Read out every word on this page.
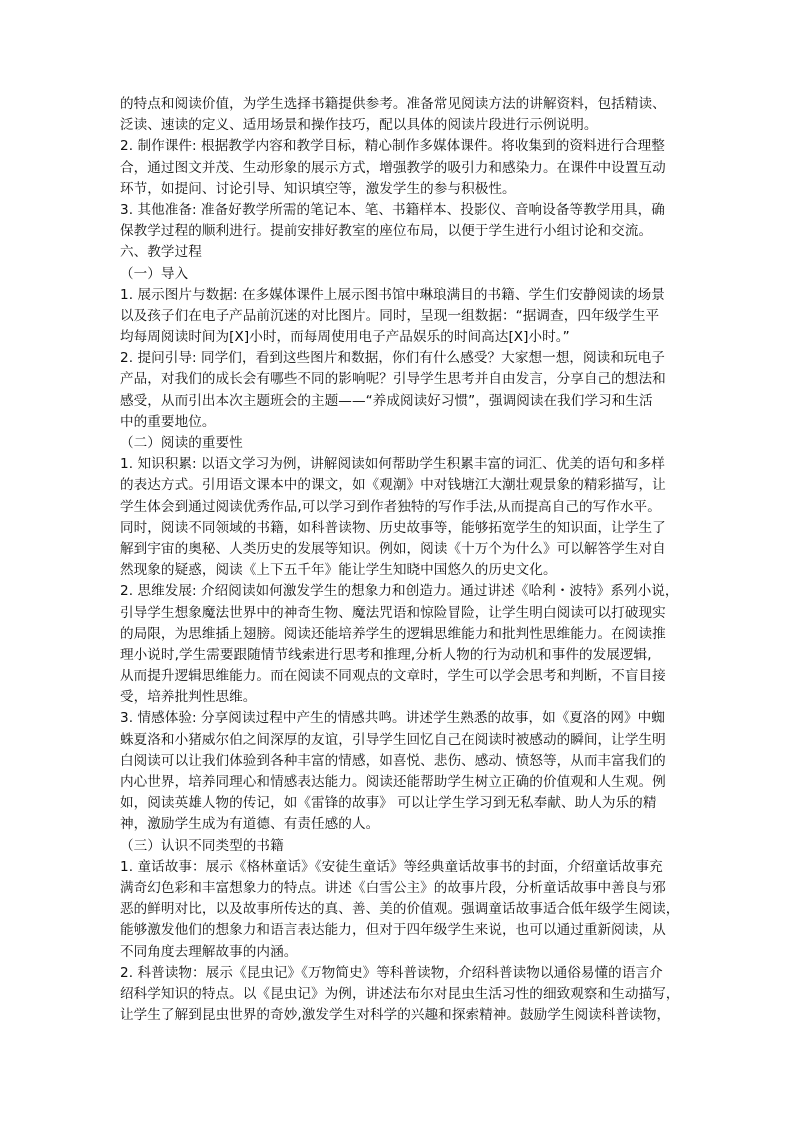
的特点和阅读价值，为学生选择书籍提供参考。准备常见阅读方法的讲解资料，包括精读、
泛读、速读的定义、适用场景和操作技巧，配以具体的阅读片段进行示例说明。
2. 制作课件: 根据教学内容和教学目标，精心制作多媒体课件。将收集到的资料进行合理整
合，通过图文并茂、生动形象的展示方式，增强教学的吸引力和感染力。在课件中设置互动
环节，如提问、讨论引导、知识填空等，激发学生的参与积极性。
3. 其他准备: 准备好教学所需的笔记本、笔、书籍样本、投影仪、音响设备等教学用具，确
保教学过程的顺利进行。提前安排好教室的座位布局，以便于学生进行小组讨论和交流。
六、教学过程
（一）导入
1. 展示图片与数据: 在多媒体课件上展示图书馆中琳琅满目的书籍、学生们安静阅读的场景
以及孩子们在电子产品前沉迷的对比图片。同时，呈现一组数据：“据调查，四年级学生平
均每周阅读时间为[X]小时，而每周使用电子产品娱乐的时间高达[X]小时。”
2. 提问引导: 同学们，看到这些图片和数据，你们有什么感受？大家想一想，阅读和玩电子
产品，对我们的成长会有哪些不同的影响呢？引导学生思考并自由发言，分享自己的想法和
感受，从而引出本次主题班会的主题——“养成阅读好习惯”，强调阅读在我们学习和生活
中的重要地位。
（二）阅读的重要性
1. 知识积累: 以语文学习为例，讲解阅读如何帮助学生积累丰富的词汇、优美的语句和多样
的表达方式。引用语文课本中的课文，如《观潮》中对钱塘江大潮壮观景象的精彩描写，让
学生体会到通过阅读优秀作品,可以学习到作者独特的写作手法,从而提高自己的写作水平。
同时，阅读不同领域的书籍，如科普读物、历史故事等，能够拓宽学生的知识面，让学生了
解到宇宙的奥秘、人类历史的发展等知识。例如，阅读《十万个为什么》可以解答学生对自
然现象的疑惑，阅读《上下五千年》能让学生知晓中国悠久的历史文化。
2. 思维发展: 介绍阅读如何激发学生的想象力和创造力。通过讲述《哈利・波特》系列小说，
引导学生想象魔法世界中的神奇生物、魔法咒语和惊险冒险，让学生明白阅读可以打破现实
的局限，为思维插上翅膀。阅读还能培养学生的逻辑思维能力和批判性思维能力。在阅读推
理小说时,学生需要跟随情节线索进行思考和推理,分析人物的行为动机和事件的发展逻辑,
从而提升逻辑思维能力。而在阅读不同观点的文章时，学生可以学会思考和判断，不盲目接
受，培养批判性思维。
3. 情感体验: 分享阅读过程中产生的情感共鸣。讲述学生熟悉的故事，如《夏洛的网》中蜘
蛛夏洛和小猪威尔伯之间深厚的友谊，引导学生回忆自己在阅读时被感动的瞬间，让学生明
白阅读可以让我们体验到各种丰富的情感，如喜悦、悲伤、感动、愤怒等，从而丰富我们的
内心世界，培养同理心和情感表达能力。阅读还能帮助学生树立正确的价值观和人生观。例
如，阅读英雄人物的传记，如《雷锋的故事》 可以让学生学习到无私奉献、助人为乐的精
神，激励学生成为有道德、有责任感的人。
（三）认识不同类型的书籍
1. 童话故事：展示《格林童话》《安徒生童话》等经典童话故事书的封面，介绍童话故事充
满奇幻色彩和丰富想象力的特点。讲述《白雪公主》的故事片段，分析童话故事中善良与邪
恶的鲜明对比，以及故事所传达的真、善、美的价值观。强调童话故事适合低年级学生阅读，
能够激发他们的想象力和语言表达能力，但对于四年级学生来说，也可以通过重新阅读，从
不同角度去理解故事的内涵。
2. 科普读物：展示《昆虫记》《万物简史》等科普读物，介绍科普读物以通俗易懂的语言介
绍科学知识的特点。以《昆虫记》为例，讲述法布尔对昆虫生活习性的细致观察和生动描写，
让学生了解到昆虫世界的奇妙,激发学生对科学的兴趣和探索精神。鼓励学生阅读科普读物，
